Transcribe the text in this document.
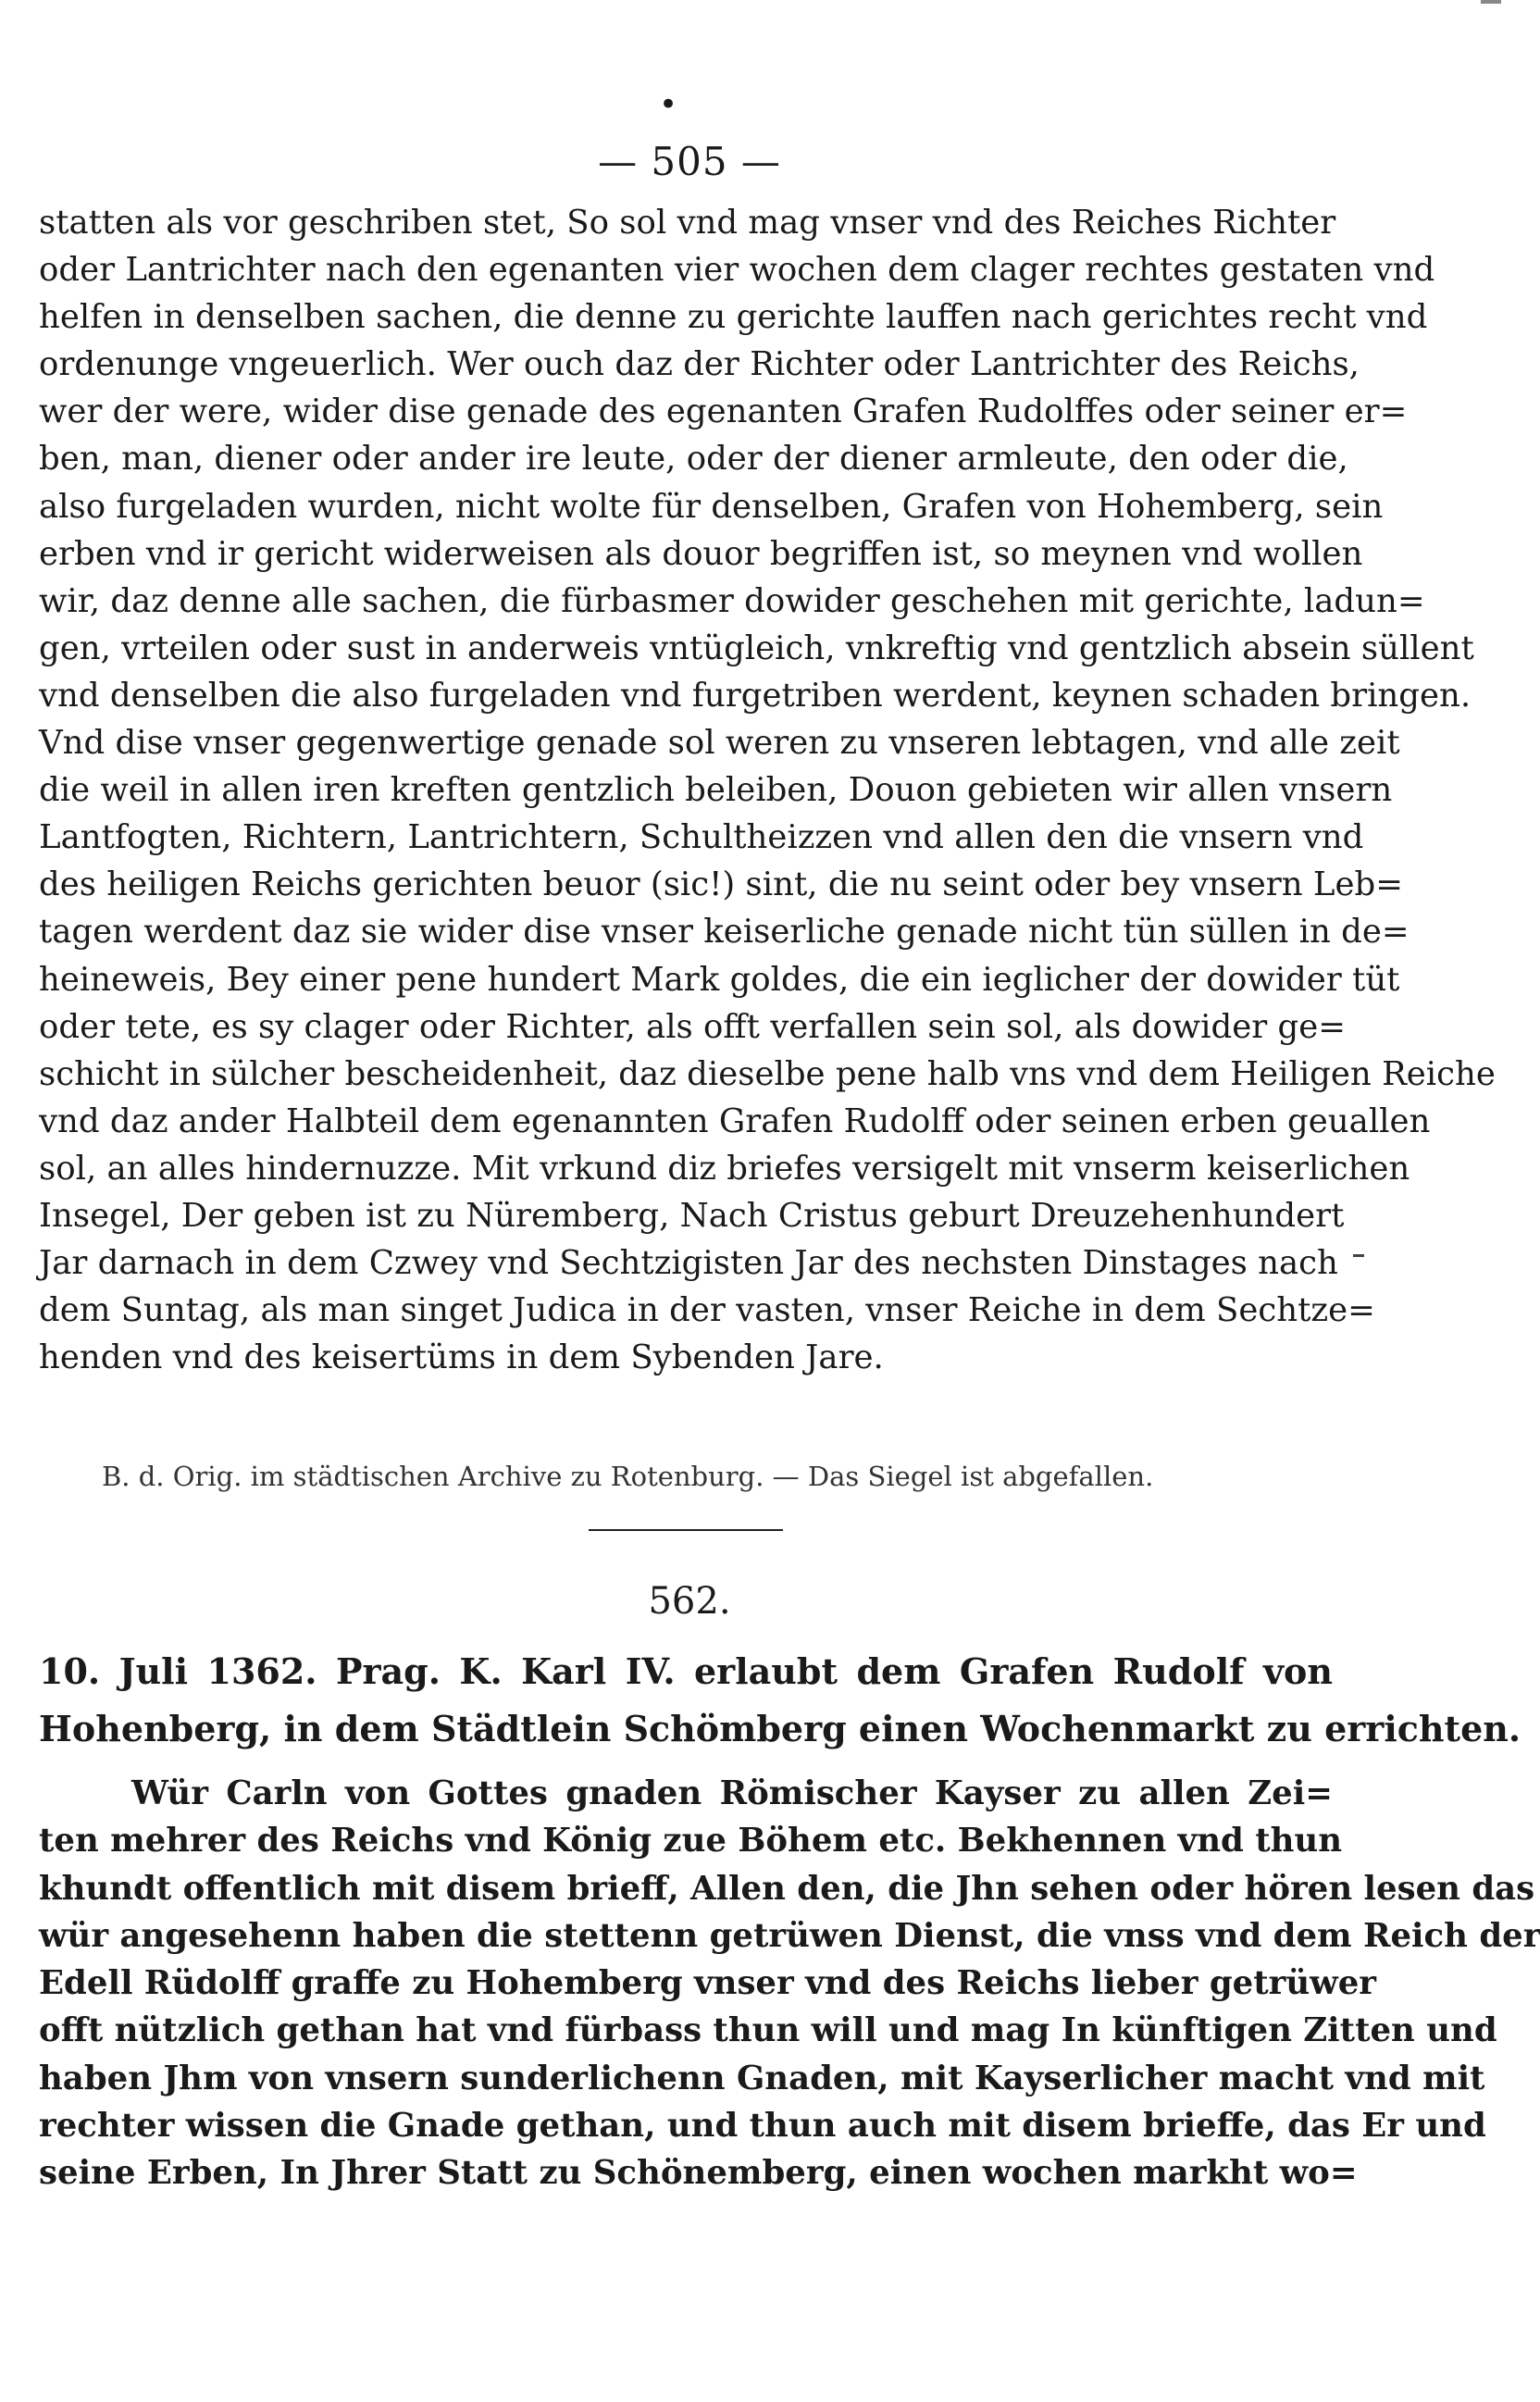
•
— 505 —
statten als vor geschriben stet, So sol vnd mag vnser vnd des Reiches Richter
oder Lantrichter nach den egenanten vier wochen dem clager rechtes gestaten vnd
helfen in denselben sachen, die denne zu gerichte lauffen nach gerichtes recht vnd
ordenunge vngeuerlich. Wer ouch daz der Richter oder Lantrichter des Reichs,
wer der were, wider dise genade des egenanten Grafen Rudolffes oder seiner er=
ben, man, diener oder ander ire leute, oder der diener armleute, den oder die,
also furgeladen wurden, nicht wolte für denselben, Grafen von Hohemberg, sein
erben vnd ir gericht widerweisen als douor begriffen ist, so meynen vnd wollen
wir, daz denne alle sachen, die fürbasmer dowider geschehen mit gerichte, ladun=
gen, vrteilen oder sust in anderweis vntügleich, vnkreftig vnd gentzlich absein süllent
vnd denselben die also furgeladen vnd furgetriben werdent, keynen schaden bringen.
Vnd dise vnser gegenwertige genade sol weren zu vnseren lebtagen, vnd alle zeit
die weil in allen iren kreften gentzlich beleiben, Douon gebieten wir allen vnsern
Lantfogten, Richtern, Lantrichtern, Schultheizzen vnd allen den die vnsern vnd
des heiligen Reichs gerichten beuor (sic!) sint, die nu seint oder bey vnsern Leb=
tagen werdent daz sie wider dise vnser keiserliche genade nicht tün süllen in de=
heineweis, Bey einer pene hundert Mark goldes, die ein ieglicher der dowider tüt
oder tete, es sy clager oder Richter, als offt verfallen sein sol, als dowider ge=
schicht in sülcher bescheidenheit, daz dieselbe pene halb vns vnd dem Heiligen Reiche
vnd daz ander Halbteil dem egenannten Grafen Rudolff oder seinen erben geuallen
sol, an alles hindernuzze. Mit vrkund diz briefes versigelt mit vnserm keiserlichen
Insegel, Der geben ist zu Nüremberg, Nach Cristus geburt Dreuzehenhundert
Jar darnach in dem Czwey vnd Sechtzigisten Jar des nechsten Dinstages nach
dem Suntag, als man singet Judica in der vasten, vnser Reiche in dem Sechtze=
henden vnd des keisertüms in dem Sybenden Jare.
B. d. Orig. im städtischen Archive zu Rotenburg. — Das Siegel ist abgefallen.
562.
10. Juli 1362. Prag. K. Karl IV. erlaubt dem Grafen Rudolf von
Hohenberg, in dem Städtlein Schömberg einen Wochenmarkt zu errichten.
Wür Carln von Gottes gnaden Römischer Kayser zu allen Zei=
ten mehrer des Reichs vnd König zue Böhem etc. Bekhennen vnd thun
khundt offentlich mit disem brieff, Allen den, die Jhn sehen oder hören lesen das
wür angesehenn haben die stettenn getrüwen Dienst, die vnss vnd dem Reich der
Edell Rüdolff graffe zu Hohemberg vnser vnd des Reichs lieber getrüwer
offt nützlich gethan hat vnd fürbass thun will und mag In künftigen Zitten und
haben Jhm von vnsern sunderlichenn Gnaden, mit Kayserlicher macht vnd mit
rechter wissen die Gnade gethan, und thun auch mit disem brieffe, das Er und
seine Erben, In Jhrer Statt zu Schönemberg, einen wochen markht wo=
